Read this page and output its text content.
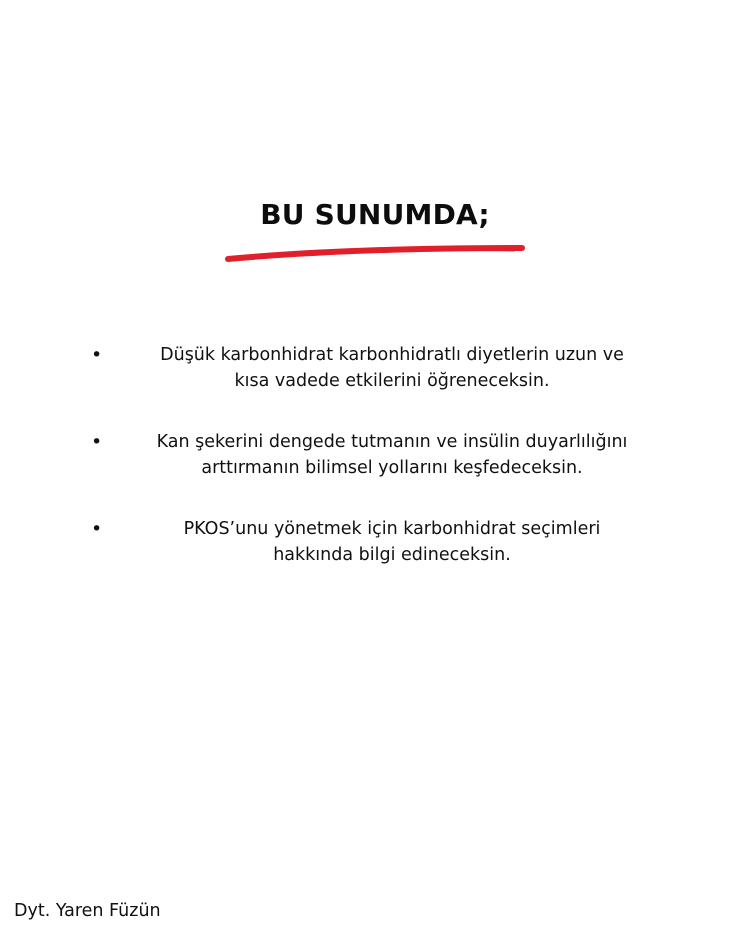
BU SUNUMDA;
•	Düşük karbonhidrat karbonhidratlı diyetlerin uzun ve
kısa vadede etkilerini öğreneceksin.
•	Kan şekerini dengede tutmanın ve insülin duyarlılığını
arttırmanın bilimsel yollarını keşfedeceksin.
•	PKOS’unu yönetmek için karbonhidrat seçimleri
hakkında bilgi edineceksin.
Dyt. Yaren Füzün
